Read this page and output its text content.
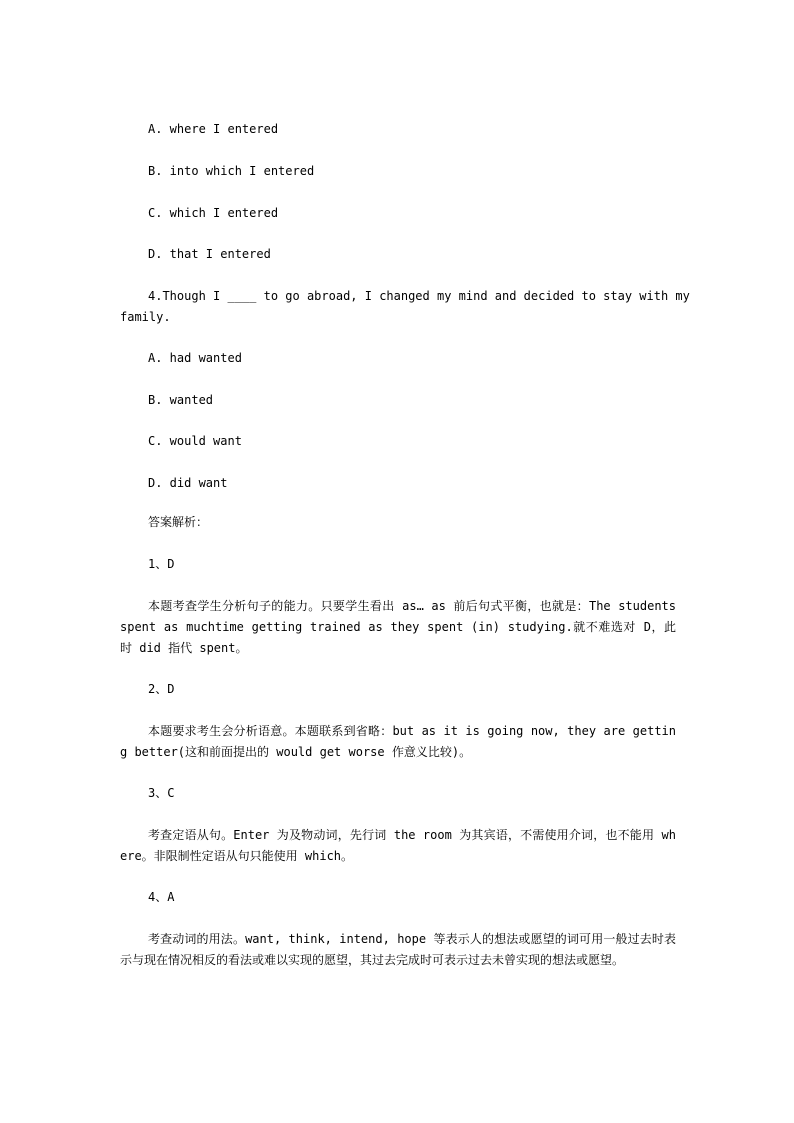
A. where I entered
B. into which I entered
C. which I entered
D. that I entered
4.Though I ____ to go abroad, I changed my mind and decided to stay with my
family.
A. had wanted
B. wanted
C. would want
D. did want
答案解析：
1、D
本题考查学生分析句子的能力。只要学生看出 as… as 前后句式平衡，也就是：The students spent as muchtime getting trained as they spent (in) studying.就不难选对 D，此时 did 指代 spent。
2、D
本题要求考生会分析语意。本题联系到省略：but as it is going now, they are getting better(这和前面提出的 would get worse 作意义比较)。
3、C
考查定语从句。Enter 为及物动词，先行词 the room 为其宾语，不需使用介词，也不能用 where。非限制性定语从句只能使用 which。
4、A
考查动词的用法。want, think, intend, hope 等表示人的想法或愿望的词可用一般过去时表示与现在情况相反的看法或难以实现的愿望，其过去完成时可表示过去未曾实现的想法或愿望。
